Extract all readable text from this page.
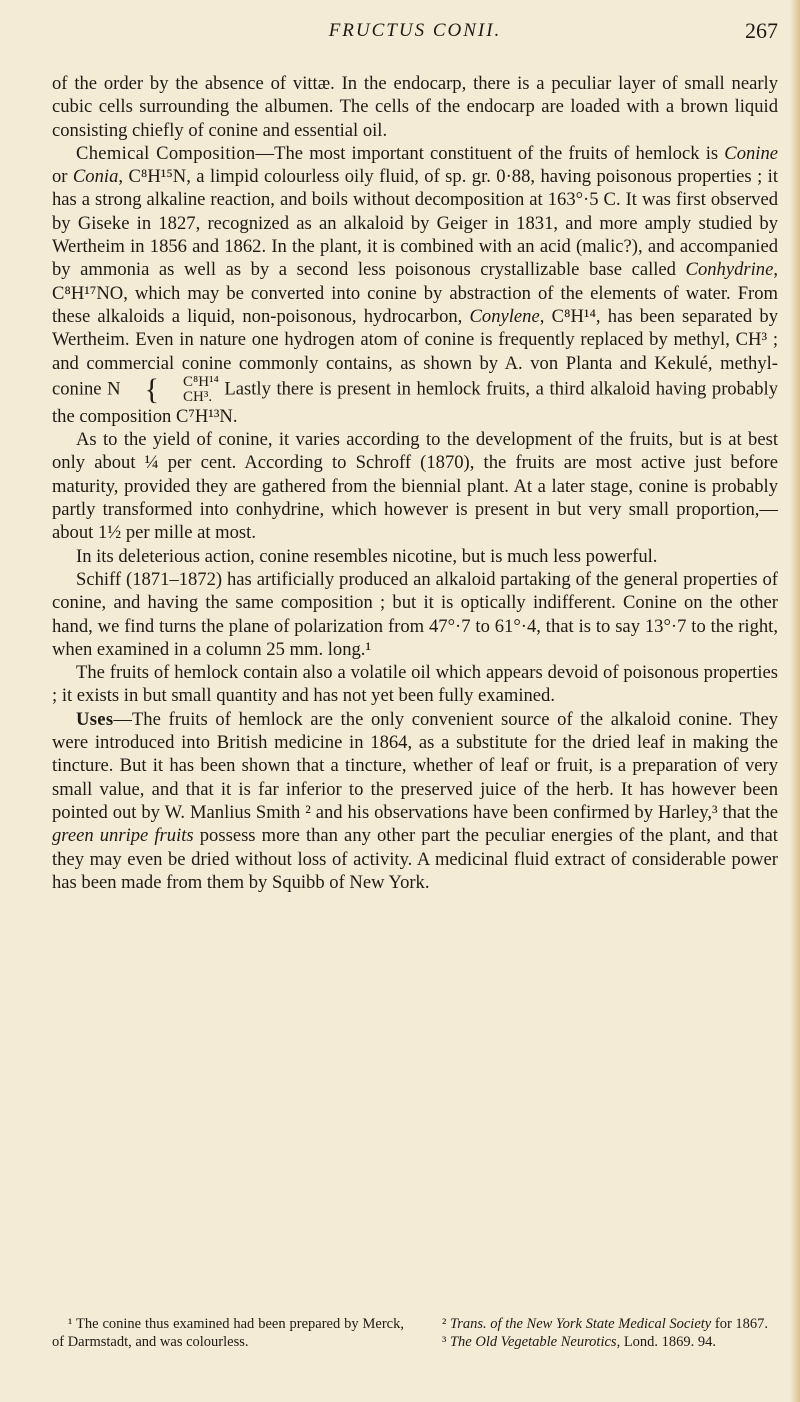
FRUCTUS CONII.	267

of the order by the absence of vittæ. In the endocarp, there is a peculiar layer of small nearly cubic cells surrounding the albumen. The cells of the endocarp are loaded with a brown liquid consisting chiefly of conine and essential oil.

Chemical Composition—The most important constituent of the fruits of hemlock is Conine or Conia, C⁸H¹⁵N, a limpid colourless oily fluid, of sp. gr. 0·88, having poisonous properties ; it has a strong alkaline reaction, and boils without decomposition at 163°·5 C. It was first observed by Giseke in 1827, recognized as an alkaloid by Geiger in 1831, and more amply studied by Wertheim in 1856 and 1862. In the plant, it is combined with an acid (malic?), and accompanied by ammonia as well as by a second less poisonous crystallizable base called Conhydrine, C⁸H¹⁷NO, which may be converted into conine by abstraction of the elements of water. From these alkaloids a liquid, non-poisonous, hydrocarbon, Conylene, C⁸H¹⁴, has been separated by Wertheim. Even in nature one hydrogen atom of conine is frequently replaced by methyl, CH³ ; and commercial conine commonly contains, as shown by A. von Planta and Kekulé, methyl-conine N {	C⁸H¹⁴
CH³. Lastly there is present in hemlock fruits, a third alkaloid having probably the composition C⁷H¹³N.

As to the yield of conine, it varies according to the development of the fruits, but is at best only about ¼ per cent. According to Schroff (1870), the fruits are most active just before maturity, provided they are gathered from the biennial plant. At a later stage, conine is probably partly transformed into conhydrine, which however is present in but very small proportion,—about 1½ per mille at most.

In its deleterious action, conine resembles nicotine, but is much less powerful.

Schiff (1871–1872) has artificially produced an alkaloid partaking of the general properties of conine, and having the same composition ; but it is optically indifferent. Conine on the other hand, we find turns the plane of polarization from 47°·7 to 61°·4, that is to say 13°·7 to the right, when examined in a column 25 mm. long.¹

The fruits of hemlock contain also a volatile oil which appears devoid of poisonous properties ; it exists in but small quantity and has not yet been fully examined.

Uses—The fruits of hemlock are the only convenient source of the alkaloid conine. They were introduced into British medicine in 1864, as a substitute for the dried leaf in making the tincture. But it has been shown that a tincture, whether of leaf or fruit, is a preparation of very small value, and that it is far inferior to the preserved juice of the herb. It has however been pointed out by W. Manlius Smith ² and his observations have been confirmed by Harley,³ that the green unripe fruits possess more than any other part the peculiar energies of the plant, and that they may even be dried without loss of activity. A medicinal fluid extract of considerable power has been made from them by Squibb of New York.

¹ The conine thus examined had been prepared by Merck, of Darmstadt, and was colourless.
² Trans. of the New York State Medical Society for 1867.
³ The Old Vegetable Neurotics, Lond. 1869. 94.
